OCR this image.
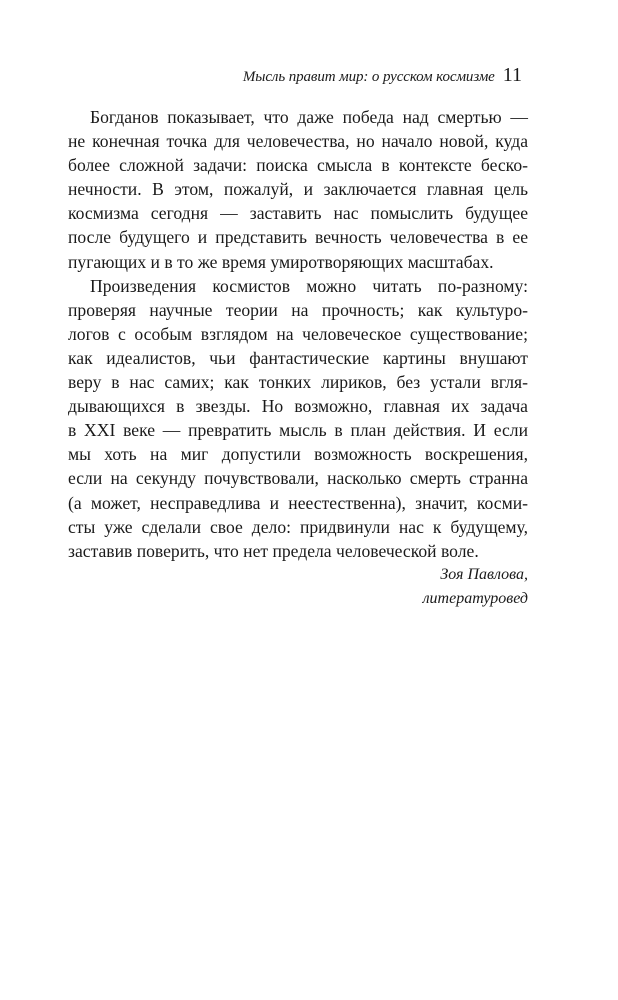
Мысль правит мир: о русском космизме 11
Богданов показывает, что даже победа над смертью —
не конечная точка для человечества, но начало новой, куда
более сложной задачи: поиска смысла в контексте беско-
нечности. В этом, пожалуй, и заключается главная цель
космизма сегодня — заставить нас помыслить будущее
после будущего и представить вечность человечества в ее
пугающих и в то же время умиротворяющих масштабах.
Произведения космистов можно читать по-разному:
проверяя научные теории на прочность; как культуро-
логов с особым взглядом на человеческое существование;
как идеалистов, чьи фантастические картины внушают
веру в нас самих; как тонких лириков, без устали вгля-
дывающихся в звезды. Но возможно, главная их задача
в XXI веке — превратить мысль в план действия. И если
мы хоть на миг допустили возможность воскрешения,
если на секунду почувствовали, насколько смерть странна
(а может, несправедлива и неестественна), значит, косми-
сты уже сделали свое дело: придвинули нас к будущему,
заставив поверить, что нет предела человеческой воле.
Зоя Павлова,
литературовед
